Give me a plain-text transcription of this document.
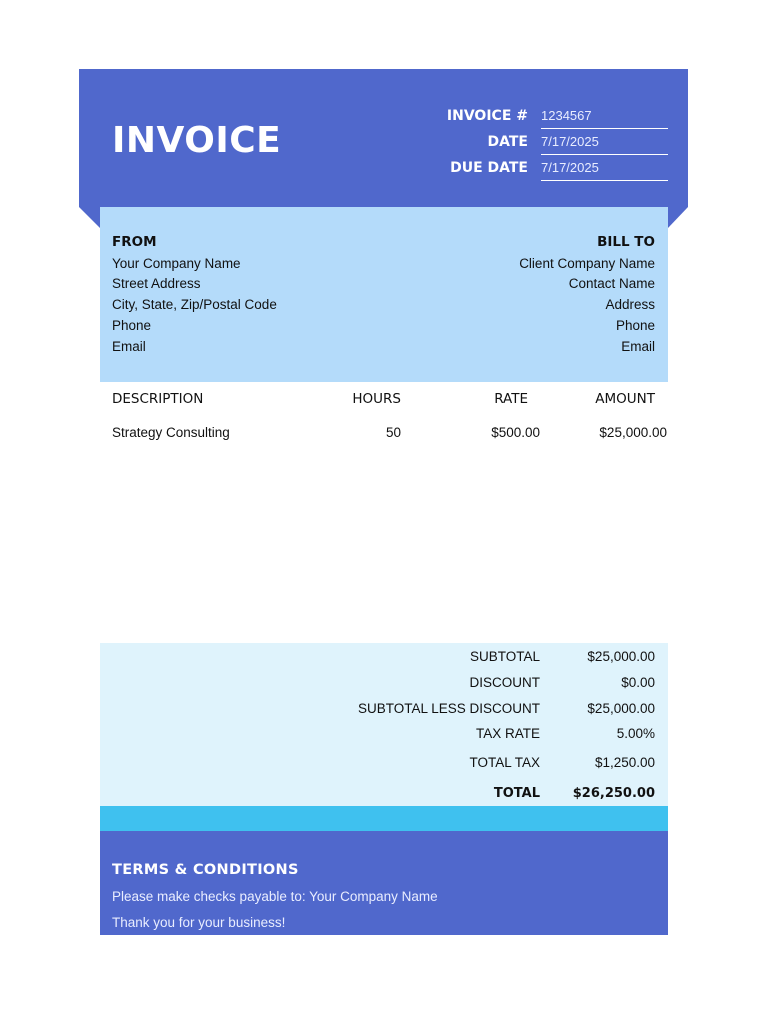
INVOICE
INVOICE # 1234567
DATE 7/17/2025
DUE DATE 7/17/2025
FROM
Your Company Name
Street Address
City, State, Zip/Postal Code
Phone
Email
BILL TO
Client Company Name
Contact Name
Address
Phone
Email
DESCRIPTION	HOURS	RATE	AMOUNT
Strategy Consulting	50	$500.00	$25,000.00
SUBTOTAL	$25,000.00
DISCOUNT	$0.00
SUBTOTAL LESS DISCOUNT	$25,000.00
TAX RATE	5.00%
TOTAL TAX	$1,250.00
TOTAL	$26,250.00
TERMS & CONDITIONS
Please make checks payable to: Your Company Name
Thank you for your business!
